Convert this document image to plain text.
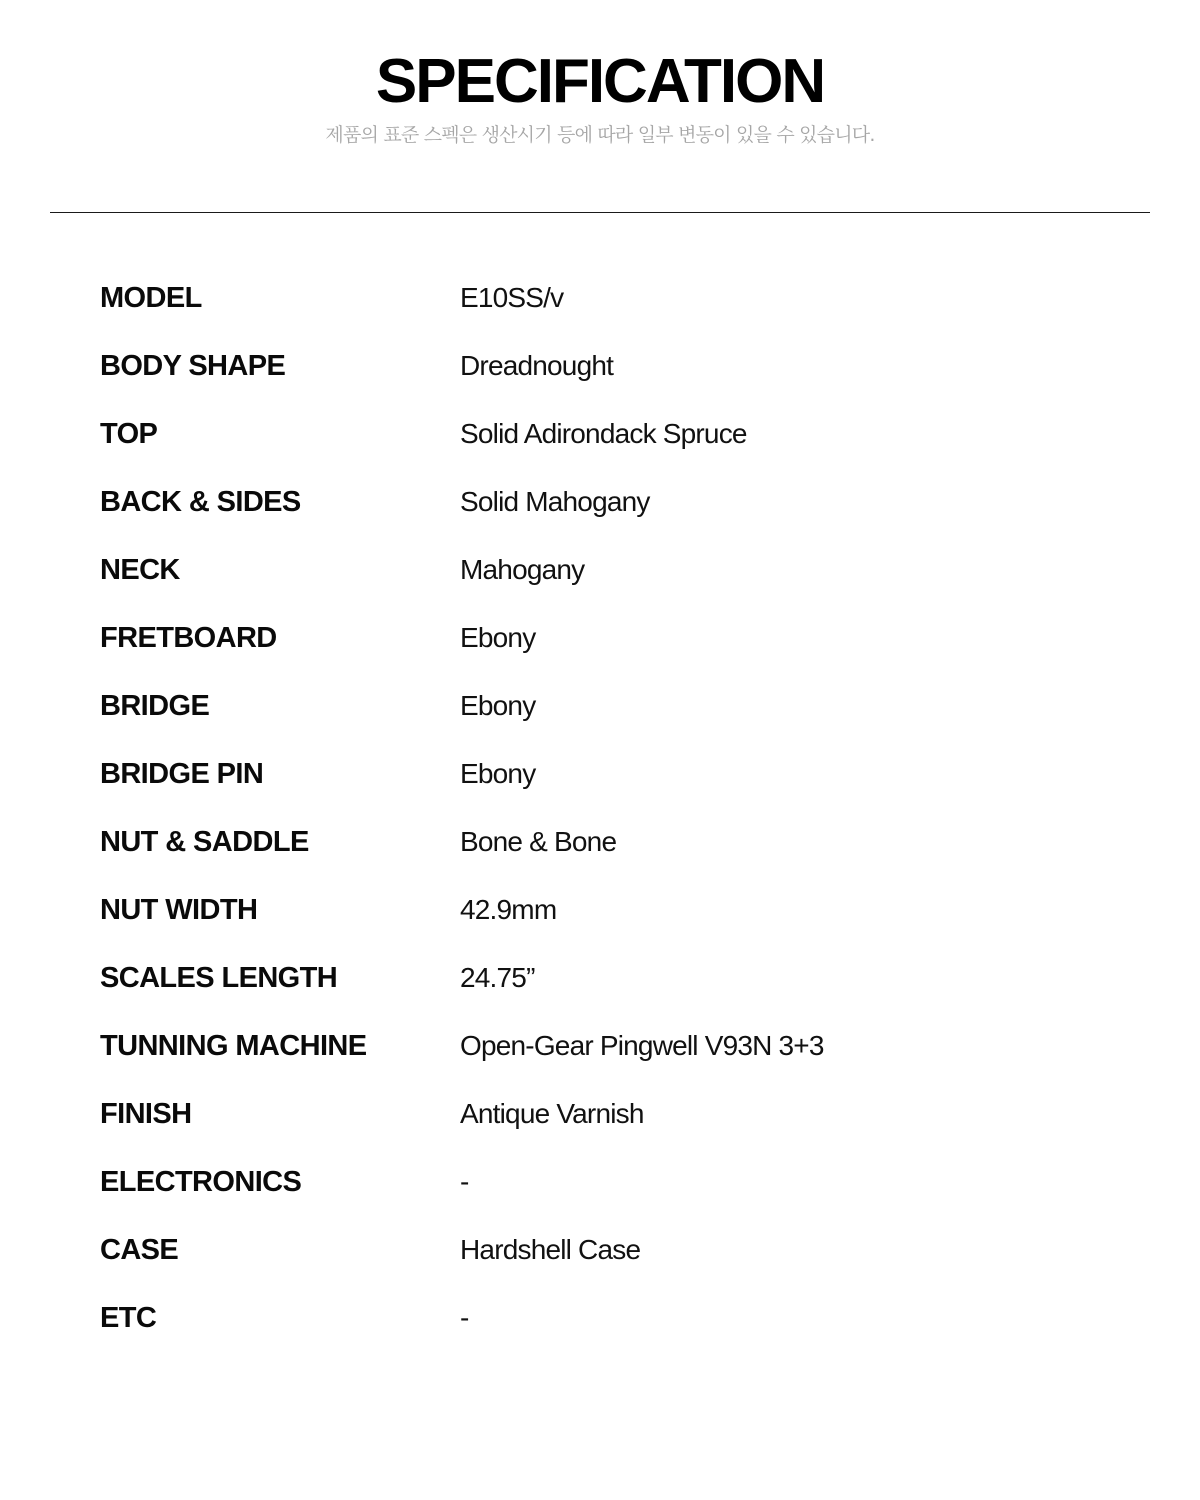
SPECIFICATION
제품의 표준 스펙은 생산시기 등에 따라 일부 변동이 있을 수 있습니다.
MODEL	E10SS/v
BODY SHAPE	Dreadnought
TOP	Solid Adirondack Spruce
BACK & SIDES	Solid Mahogany
NECK	Mahogany
FRETBOARD	Ebony
BRIDGE	Ebony
BRIDGE PIN	Ebony
NUT & SADDLE	Bone & Bone
NUT WIDTH	42.9mm
SCALES LENGTH	24.75”
TUNNING MACHINE	Open-Gear Pingwell V93N 3+3
FINISH	Antique Varnish
ELECTRONICS	-
CASE	Hardshell Case
ETC	-
